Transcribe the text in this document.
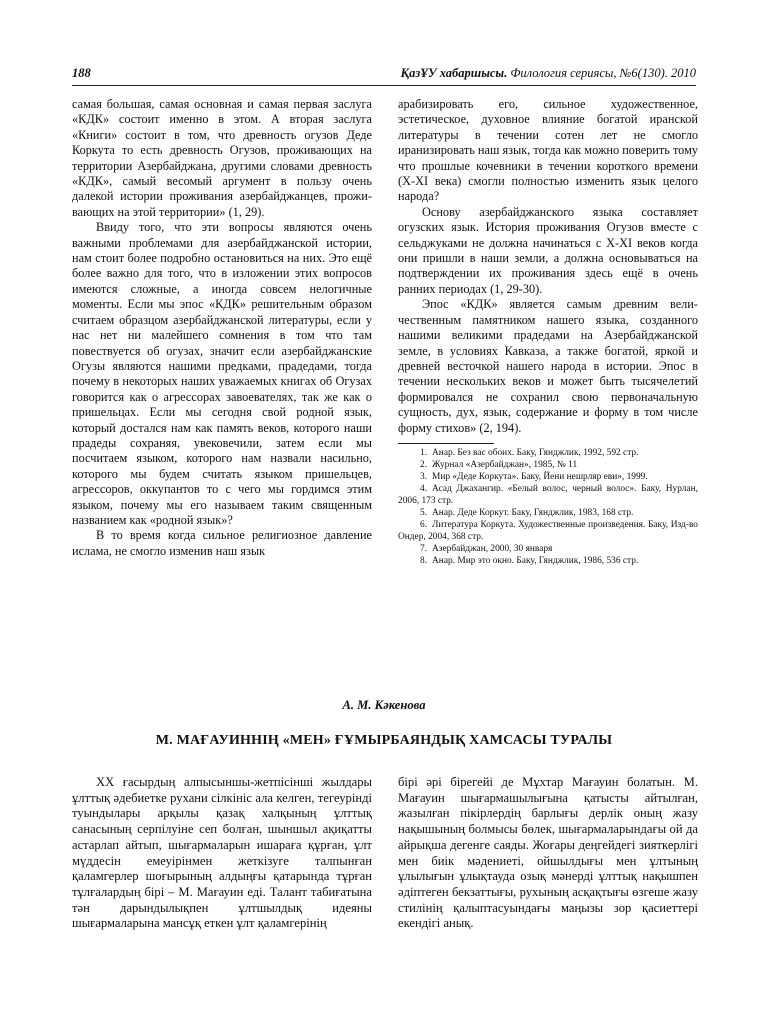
188	ҚазҰУ хабаршысы. Филология сериясы, №6(130). 2010

самая большая, самая основная и самая первая заслуга «КДК» состоит именно в этом. А вторая заслуга «Книги» состоит в том, что древность огузов Деде Коркута то есть древность Огузов, проживающих на территории Азербайджана, другими словами древность «КДК», самый весомый аргумент в пользу очень далекой истории проживания азербайджанцев, проживающих на этой территории» (1, 29).

Ввиду того, что эти вопросы являются очень важными проблемами для азербайджанской истории, нам стоит более подробно остановиться на них. Это ещё более важно для того, что в изложении этих вопросов имеются сложные, а иногда совсем нелогичные моменты. Если мы эпос «КДК» решительным образом считаем образцом азербайджанской литературы, если у нас нет ни малейшего сомнения в том что там повествуется об огузах, значит если азербайджанские Огузы являются нашими предками, прадедами, тогда почему в некоторых наших уважаемых книгах об Огузах говорится как о агрессорах завоевателях, так же как о пришельцах. Если мы сегодня свой родной язык, который достался нам как память веков, которого наши прадеды сохраняя, увековечили, затем если мы посчитаем языком, которого нам назвали насильно, которого мы будем считать языком пришельцев, агрессоров, оккупантов то с чего мы гордимся этим языком, почему мы его называем таким священным названием как «родной язык»?

В то время когда сильное религиозное давление ислама, не смогло изменив наш язык

арабизировать его, сильное художественное, эстетическое, духовное влияние богатой иранской литературы в течении сотен лет не смогло иранизировать наш язык, тогда как можно поверить тому что прошлые кочевники в течении короткого времени (X-XI века) смогли полностью изменить язык целого народа?

Основу азербайджанского языка составляет огузских язык. История проживания Огузов вместе с сельджуками не должна начинаться с X-XI веков когда они пришли в наши земли, а должна основываться на подтверждении их проживания здесь ещё в очень ранних периодах (1, 29-30).

Эпос «КДК» является самым древним величественным памятником нашего языка, созданного нашими великими прадедами на Азербайджанской земле, в условиях Кавказа, а также богатой, яркой и древней весточкой нашего народа в истории. Эпос в течении нескольких веков и может быть тысячелетий формировался не сохранил свою первоначальную сущность, дух, язык, содержание и форму в том числе форму стихов» (2, 194).

1. Анар. Без вас обоих. Баку, Гянджлик, 1992, 592 стр.
2. Журнал «Азербайджан», 1985, № 11
3. Мир «Деде Коркута». Баку, Йени нешрляр еви», 1999.
4. Асад Джахангир. «Белый волос, черный волос». Баку, Нурлан, 2006, 173 стр.
5. Анар. Деде Коркут. Баку, Гянджлик, 1983, 168 стр.
6. Литература Коркута. Художественные произведения. Баку, Изд-во Ондер, 2004, 368 стр.
7. Азербайджан, 2000, 30 января
8. Анар. Мир это окно. Баку, Гянджлик, 1986, 536 стр.
А. М. Кәкенова
М. МАҒАУИННІҢ «МЕН» ҒҰМЫРБАЯНДЫҚ ХАМСАСЫ ТУРАЛЫ

XX ғасырдың алпысыншы-жетпісінші жылдары ұлттық әдебиетке рухани сілкініс ала келген, тегеурінді туындылары арқылы қазақ халқының ұлттық санасының серпілуіне сеп болған, шыншыл ақиқатты астарлап айтып, шығармаларын ишараға құрған, ұлт мүддесін емеуірінмен жеткізуге талпынған қаламгерлер шоғырының алдыңғы қатарында тұрған тұлғалардың бірі – М. Мағауин еді. Талант табиғатына тән дарындылықпен ұлтшылдық идеяны шығармаларына мансұқ еткен ұлт қаламгерінің

бірі әрі бірегейі де Мұхтар Мағауин болатын. М. Мағауин шығармашылығына қатысты айтылған, жазылған пікірлердің барлығы дерлік оның жазу нақышының болмысы бөлек, шығармаларындағы ой да айрықша дегенге саяды. Жоғары деңгейдегі зияткерлігі мен биік мәдениеті, ойшылдығы мен ұлтының ұлылығын ұлықтауда озық мәнерді ұлттық нақышпен әдіптеген бекзаттығы, рухының асқақтығы өзгеше жазу стилінің қалыптасуындағы маңызы зор қасиеттері екендігі анық.
